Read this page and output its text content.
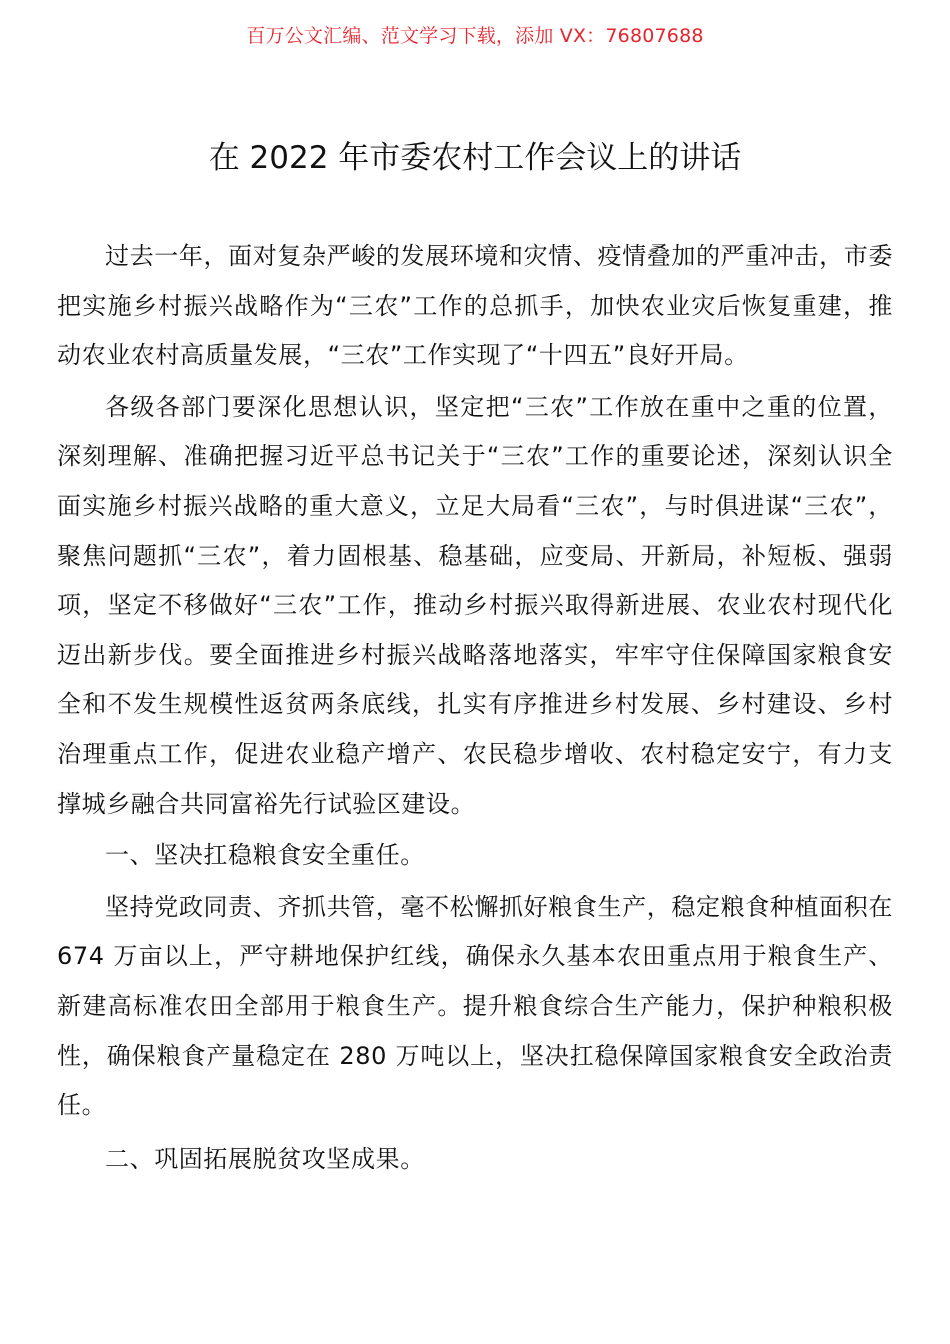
百万公文汇编、范文学习下载，添加 VX：76807688
在 2022 年市委农村工作会议上的讲话

过去一年，面对复杂严峻的发展环境和灾情、疫情叠加的严重冲击，市委把实施乡村振兴战略作为“三农”工作的总抓手，加快农业灾后恢复重建，推动农业农村高质量发展，“三农”工作实现了“十四五”良好开局。

各级各部门要深化思想认识，坚定把“三农”工作放在重中之重的位置，深刻理解、准确把握习近平总书记关于“三农”工作的重要论述，深刻认识全面实施乡村振兴战略的重大意义，立足大局看“三农”，与时俱进谋“三农”，聚焦问题抓“三农”，着力固根基、稳基础，应变局、开新局，补短板、强弱项，坚定不移做好“三农”工作，推动乡村振兴取得新进展、农业农村现代化迈出新步伐。要全面推进乡村振兴战略落地落实，牢牢守住保障国家粮食安全和不发生规模性返贫两条底线，扎实有序推进乡村发展、乡村建设、乡村治理重点工作，促进农业稳产增产、农民稳步增收、农村稳定安宁，有力支撑城乡融合共同富裕先行试验区建设。

一、坚决扛稳粮食安全重任。

坚持党政同责、齐抓共管，毫不松懈抓好粮食生产，稳定粮食种植面积在 674 万亩以上，严守耕地保护红线，确保永久基本农田重点用于粮食生产、新建高标准农田全部用于粮食生产。提升粮食综合生产能力，保护种粮积极性，确保粮食产量稳定在 280 万吨以上，坚决扛稳保障国家粮食安全政治责任。

二、巩固拓展脱贫攻坚成果。
